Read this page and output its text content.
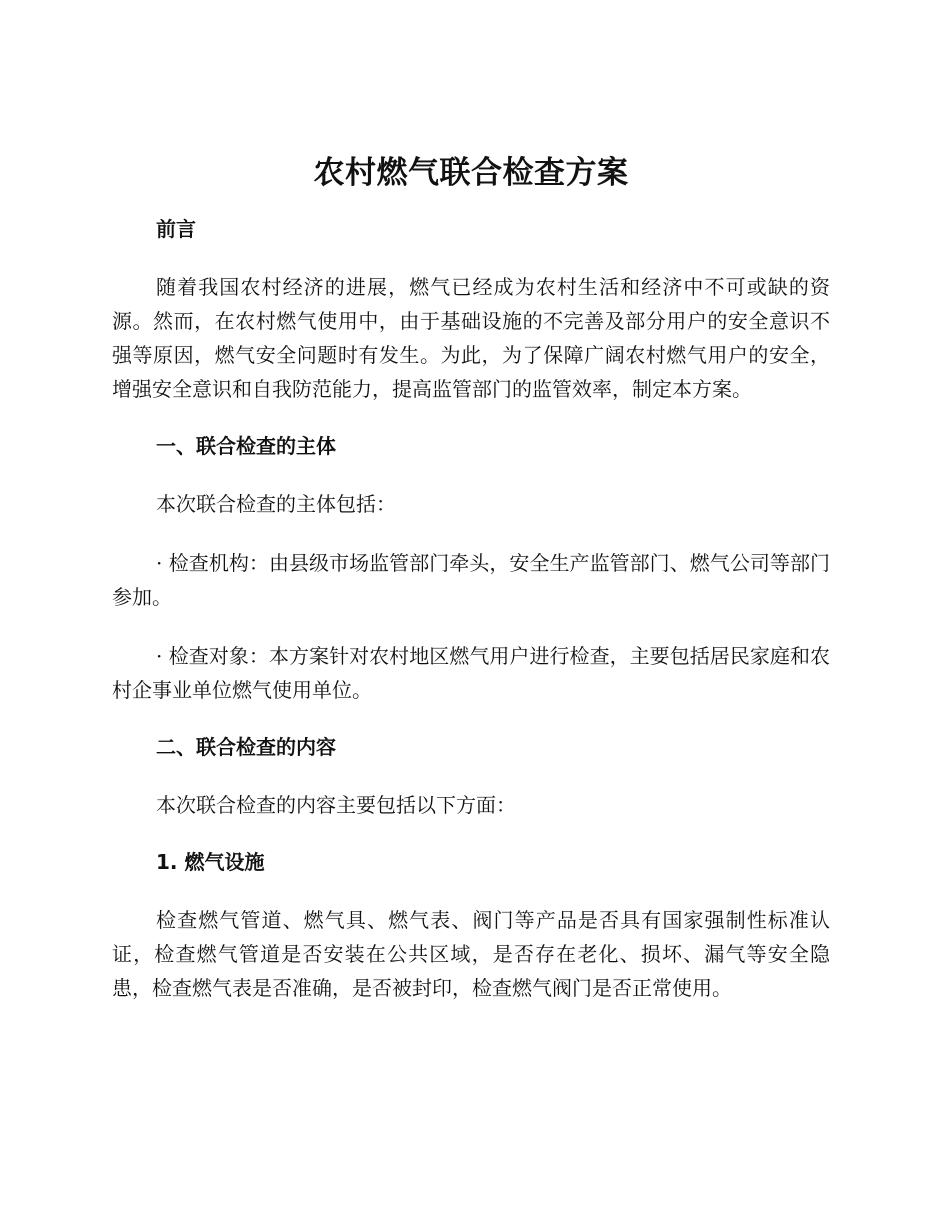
农村燃气联合检查方案
前言

随着我国农村经济的进展，燃气已经成为农村生活和经济中不可或缺的资源。然而，在农村燃气使用中，由于基础设施的不完善及部分用户的安全意识不强等原因，燃气安全问题时有发生。为此，为了保障广阔农村燃气用户的安全，增强安全意识和自我防范能力，提高监管部门的监管效率，制定本方案。

一、联合检查的主体

本次联合检查的主体包括：

· 检查机构：由县级市场监管部门牵头，安全生产监管部门、燃气公司等部门参加。

· 检查对象：本方案针对农村地区燃气用户进行检查，主要包括居民家庭和农村企事业单位燃气使用单位。

二、联合检查的内容

本次联合检查的内容主要包括以下方面：

1. 燃气设施

检查燃气管道、燃气具、燃气表、阀门等产品是否具有国家强制性标准认证，检查燃气管道是否安装在公共区域，是否存在老化、损坏、漏气等安全隐患，检查燃气表是否准确，是否被封印，检查燃气阀门是否正常使用。
